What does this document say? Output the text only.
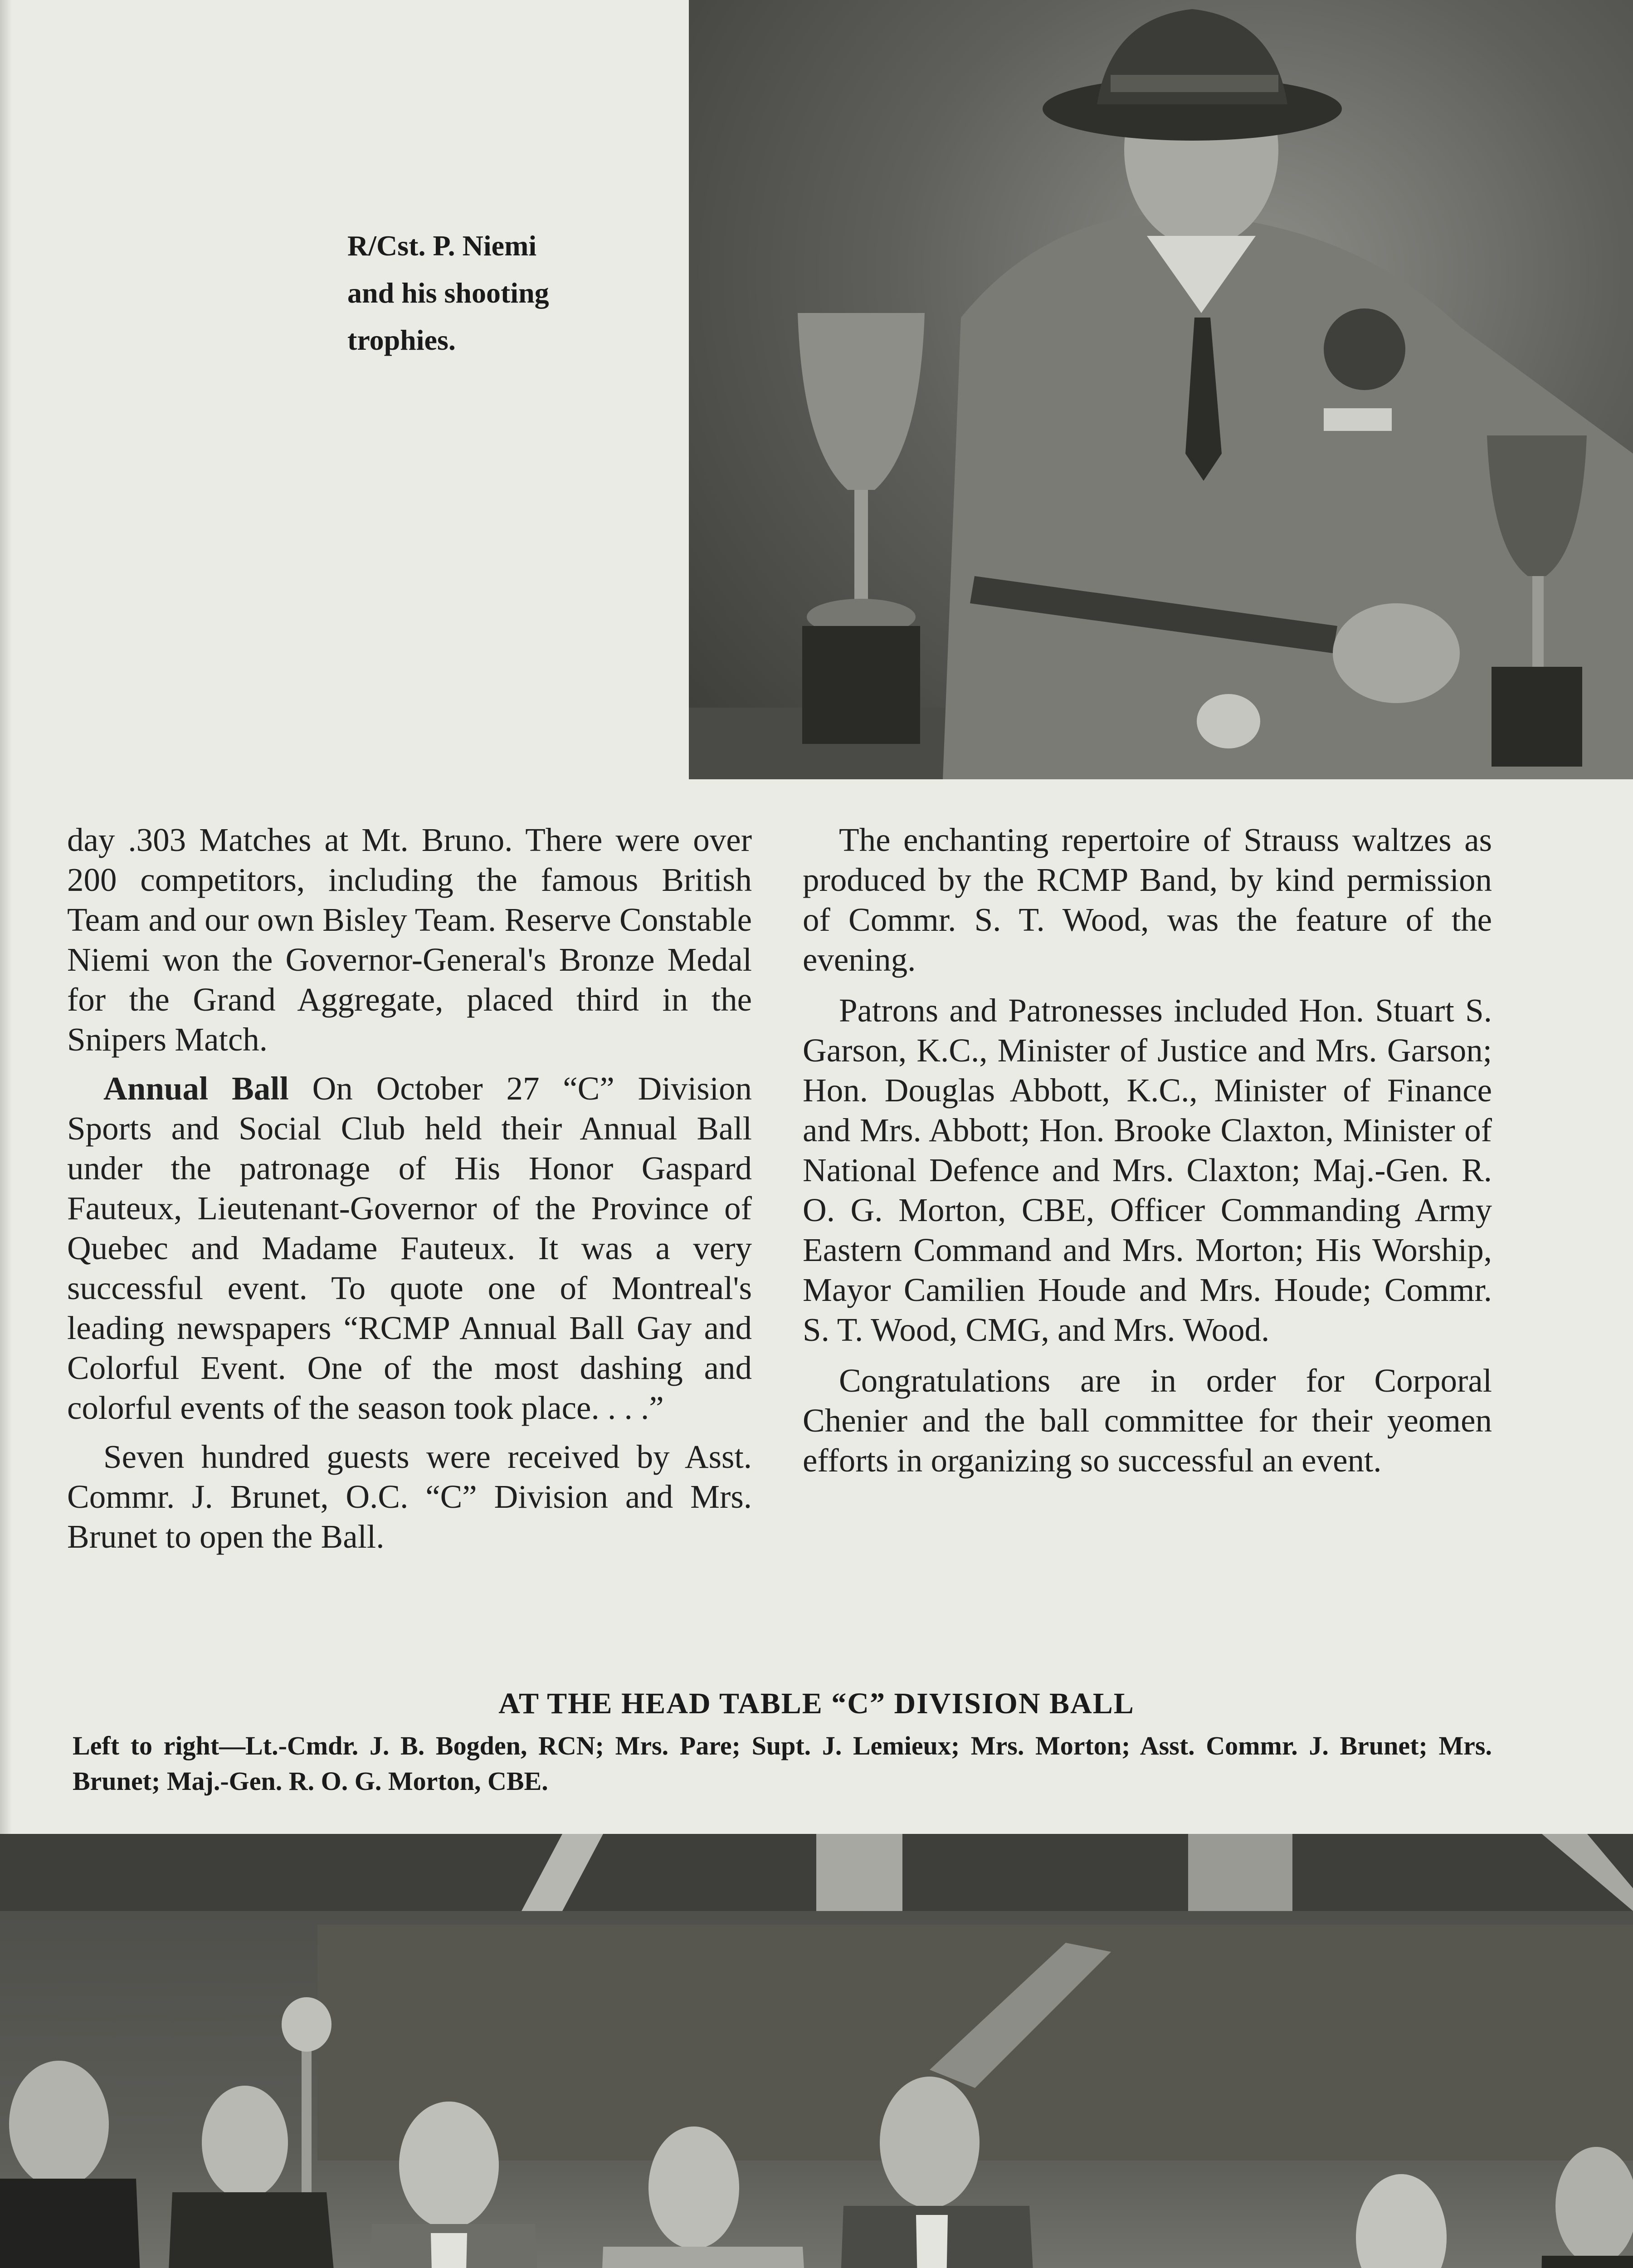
R/Cst. P. Niemi
and his shooting
trophies.

day .303 Matches at Mt. Bruno. There were over 200 competitors, including the famous British Team and our own Bisley Team. Reserve Constable Niemi won the Governor-General's Bronze Medal for the Grand Aggregate, placed third in the Snipers Match.

Annual Ball On October 27 “C” Division Sports and Social Club held their Annual Ball under the patronage of His Honor Gaspard Fauteux, Lieutenant-Governor of the Province of Quebec and Madame Fauteux. It was a very successful event. To quote one of Montreal's leading newspapers “RCMP Annual Ball Gay and Colorful Event. One of the most dashing and colorful events of the season took place. . . .”

Seven hundred guests were received by Asst. Commr. J. Brunet, O.C. “C” Division and Mrs. Brunet to open the Ball.

The enchanting repertoire of Strauss waltzes as produced by the RCMP Band, by kind permission of Commr. S. T. Wood, was the feature of the evening.

Patrons and Patronesses included Hon. Stuart S. Garson, K.C., Minister of Justice and Mrs. Garson; Hon. Douglas Abbott, K.C., Minister of Finance and Mrs. Abbott; Hon. Brooke Claxton, Minister of National Defence and Mrs. Claxton; Maj.-Gen. R. O. G. Morton, CBE, Officer Commanding Army Eastern Command and Mrs. Morton; His Worship, Mayor Camilien Houde and Mrs. Houde; Commr. S. T. Wood, CMG, and Mrs. Wood.

Congratulations are in order for Corporal Chenier and the ball committee for their yeomen efforts in organizing so successful an event.

AT THE HEAD TABLE “C” DIVISION BALL
Left to right—Lt.-Cmdr. J. B. Bogden, RCN; Mrs. Pare; Supt. J. Lemieux; Mrs. Morton; Asst. Commr. J. Brunet; Mrs. Brunet; Maj.-Gen. R. O. G. Morton, CBE.
